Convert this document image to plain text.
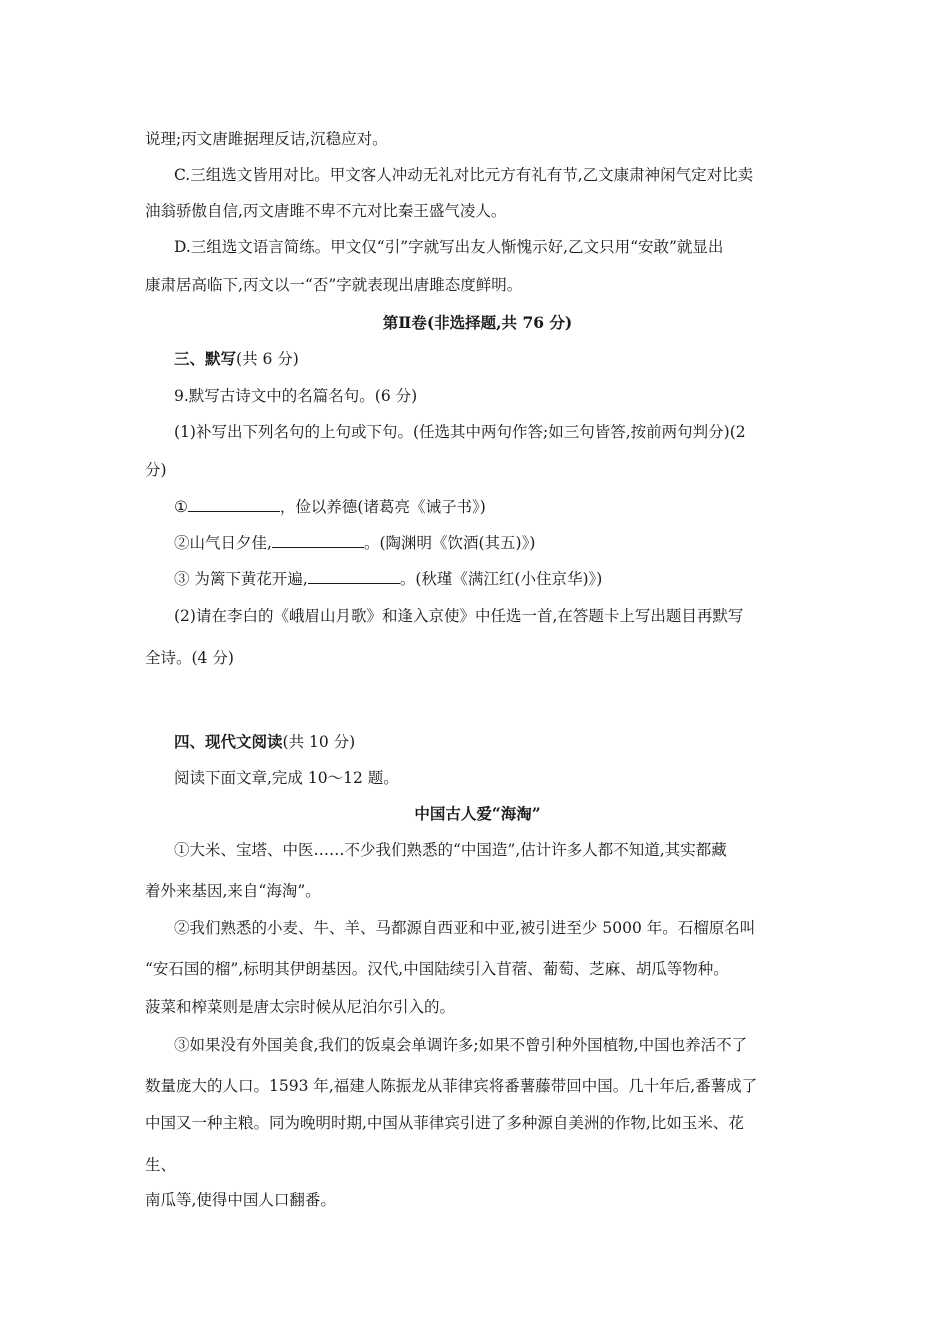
说理;丙文唐雎据理反诘,沉稳应对。
C.三组选文皆用对比。甲文客人冲动无礼对比元方有礼有节,乙文康肃神闲气定对比卖
油翁骄傲自信,丙文唐雎不卑不亢对比秦王盛气凌人。
D.三组选文语言简练。甲文仅“引”字就写出友人惭愧示好,乙文只用“安敢”就显出
康肃居高临下,丙文以一“否”字就表现出唐雎态度鲜明。
第Ⅱ卷(非选择题,共 76 分)
三、默写(共 6 分)
9.默写古诗文中的名篇名句。(6 分)
(1)补写出下列名句的上句或下句。(任选其中两句作答;如三句皆答,按前两句判分)(2
分)
①	，俭以养德(诸葛亮《诫子书》)
②山气日夕佳,	。(陶渊明《饮酒(其五)》)
③ 为篱下黄花开遍,	。(秋瑾《满江红(小住京华)》)
(2)请在李白的《峨眉山月歌》和逢入京使》中任选一首,在答题卡上写出题目再默写
全诗。(4 分)
四、现代文阅读(共 10 分)
阅读下面文章,完成 10～12 题。
中国古人爱“海淘”
①大米、宝塔、中医……不少我们熟悉的“中国造”,估计许多人都不知道,其实都藏
着外来基因,来自“海淘”。
②我们熟悉的小麦、牛、羊、马都源自西亚和中亚,被引进至少 5000 年。石榴原名叫
“安石国的榴”,标明其伊朗基因。汉代,中国陆续引入苜蓿、葡萄、芝麻、胡瓜等物种。
菠菜和榨菜则是唐太宗时候从尼泊尔引入的。
③如果没有外国美食,我们的饭桌会单调许多;如果不曾引种外国植物,中国也养活不了
数量庞大的人口。1593 年,福建人陈振龙从菲律宾将番薯藤带回中国。几十年后,番薯成了
中国又一种主粮。同为晚明时期,中国从菲律宾引进了多种源自美洲的作物,比如玉米、花
生、
南瓜等,使得中国人口翻番。
